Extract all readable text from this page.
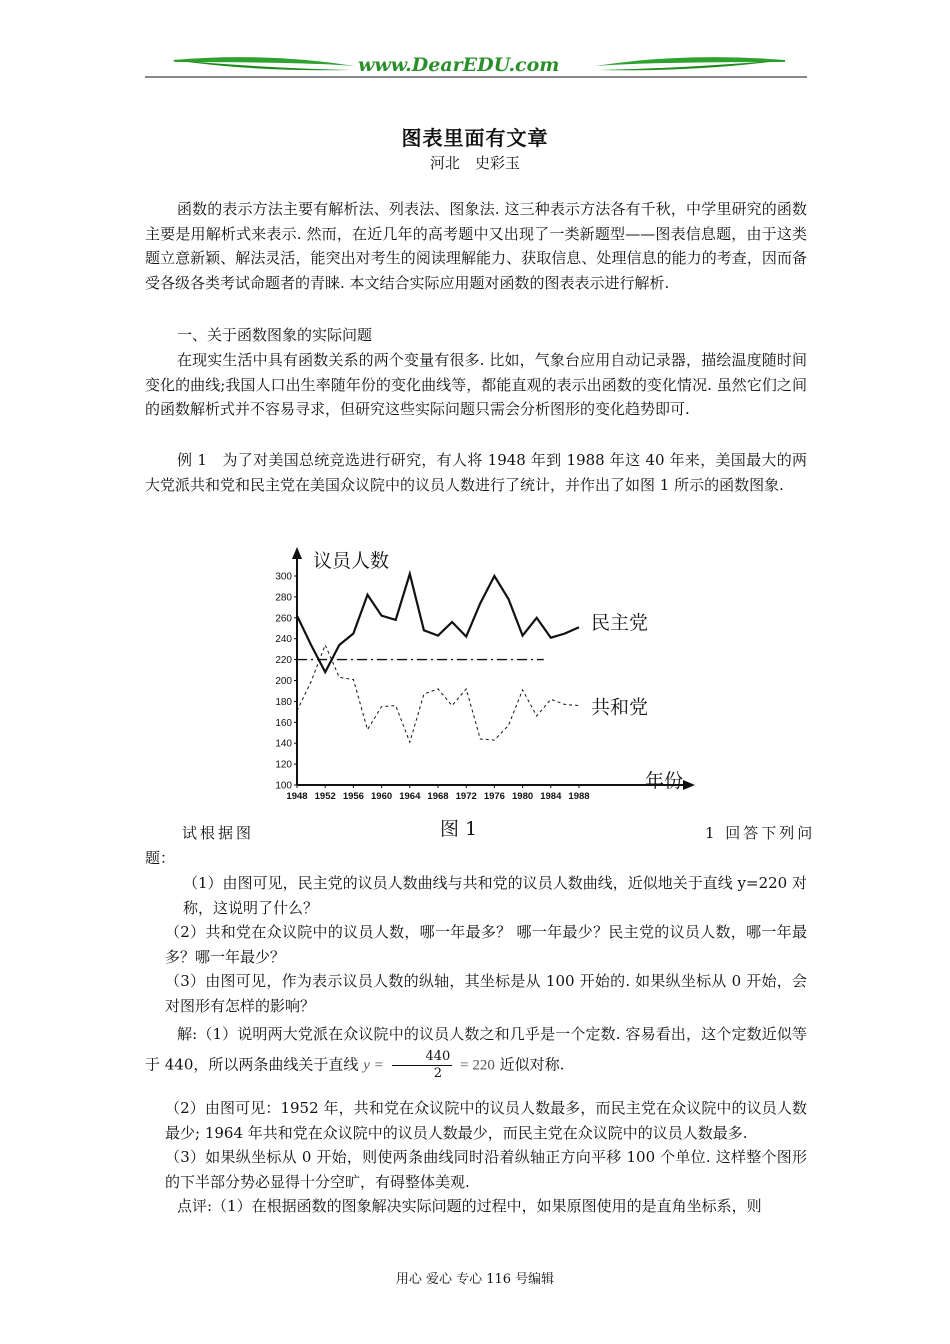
www.DearEDU.com
图表里面有文章
河北　史彩玉
函数的表示方法主要有解析法、列表法、图象法. 这三种表示方法各有千秋，中学里研究的函数主要是用解析式来表示. 然而，在近几年的高考题中又出现了一类新题型——图表信息题，由于这类题立意新颖、解法灵活，能突出对考生的阅读理解能力、获取信息、处理信息的能力的考查，因而备受各级各类考试命题者的青睐. 本文结合实际应用题对函数的图表表示进行解析.
一、关于函数图象的实际问题
在现实生活中具有函数关系的两个变量有很多. 比如，气象台应用自动记录器，描绘温度随时间变化的曲线;我国人口出生率随年份的变化曲线等，都能直观的表示出函数的变化情况. 虽然它们之间的函数解析式并不容易寻求，但研究这些实际问题只需会分析图形的变化趋势即可.
例 1　为了对美国总统竞选进行研究，有人将 1948 年到 1988 年这 40 年来，美国最大的两大党派共和党和民主党在美国众议院中的议员人数进行了统计，并作出了如图 1 所示的函数图象.
100
120
140
160
180
200
220
240
260
280
300
1948 1952 1956 1960 1964 1968 1972 1976 1980 1984 1988
议员人数
年份
民主党
共和党
图 1
试根据图	1 回答下列问
题：
（1）由图可见，民主党的议员人数曲线与共和党的议员人数曲线，近似地关于直线 y=220 对称，这说明了什么？
（2）共和党在众议院中的议员人数，哪一年最多？ 哪一年最少？民主党的议员人数，哪一年最多？哪一年最少？
（3）由图可见，作为表示议员人数的纵轴，其坐标是从 100 开始的. 如果纵坐标从 0 开始，会对图形有怎样的影响？
解:（1）说明两大党派在众议院中的议员人数之和几乎是一个定数. 容易看出，这个定数近似等于 440，所以两条曲线关于直线 $y = \frac{440}{2} = 220$ 近似对称.
（2）由图可见：1952 年，共和党在众议院中的议员人数最多，而民主党在众议院中的议员人数最少; 1964 年共和党在众议院中的议员人数最少，而民主党在众议院中的议员人数最多.
（3）如果纵坐标从 0 开始，则使两条曲线同时沿着纵轴正方向平移 100 个单位. 这样整个图形的下半部分势必显得十分空旷，有碍整体美观.
点评:（1）在根据函数的图象解决实际问题的过程中，如果原图使用的是直角坐标系，则
用心 爱心 专心 116 号编辑
